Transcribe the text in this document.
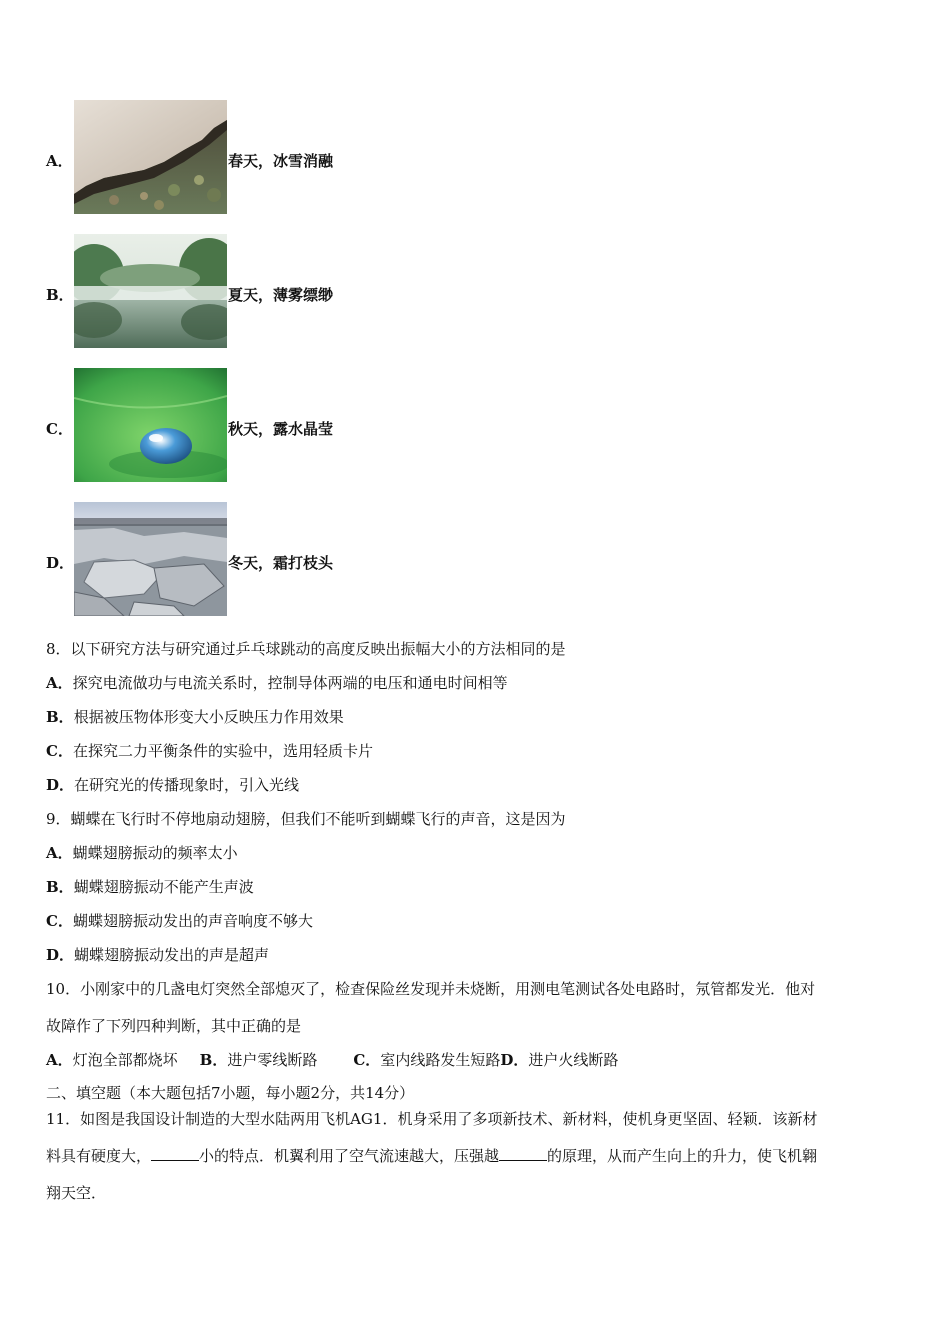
A．	春天，冰雪消融
B．	夏天，薄雾缥缈
C．	秋天，露水晶莹
D．	冬天，霜打枝头
8．以下研究方法与研究通过乒乓球跳动的高度反映出振幅大小的方法相同的是
A．探究电流做功与电流关系时，控制导体两端的电压和通电时间相等
B．根据被压物体形变大小反映压力作用效果
C．在探究二力平衡条件的实验中，选用轻质卡片
D．在研究光的传播现象时，引入光线
9．蝴蝶在飞行时不停地扇动翅膀，但我们不能听到蝴蝶飞行的声音，这是因为
A．蝴蝶翅膀振动的频率太小
B．蝴蝶翅膀振动不能产生声波
C．蝴蝶翅膀振动发出的声音响度不够大
D．蝴蝶翅膀振动发出的声是超声
10．小刚家中的几盏电灯突然全部熄灭了，检查保险丝发现并未烧断，用测电笔测试各处电路时，氖管都发光．他对
故障作了下列四种判断，其中正确的是
A．灯泡全部都烧坏 B．进户零线断路 C．室内线路发生短路D．进户火线断路
二、填空题（本大题包括7小题，每小题2分，共14分）
11．如图是我国设计制造的大型水陆两用飞机AG1．机身采用了多项新技术、新材料，使机身更坚固、轻颖．该新材
料具有硬度大，	小的特点．机翼利用了空气流速越大，压强越	的原理，从而产生向上的升力，使飞机翱
翔天空．
